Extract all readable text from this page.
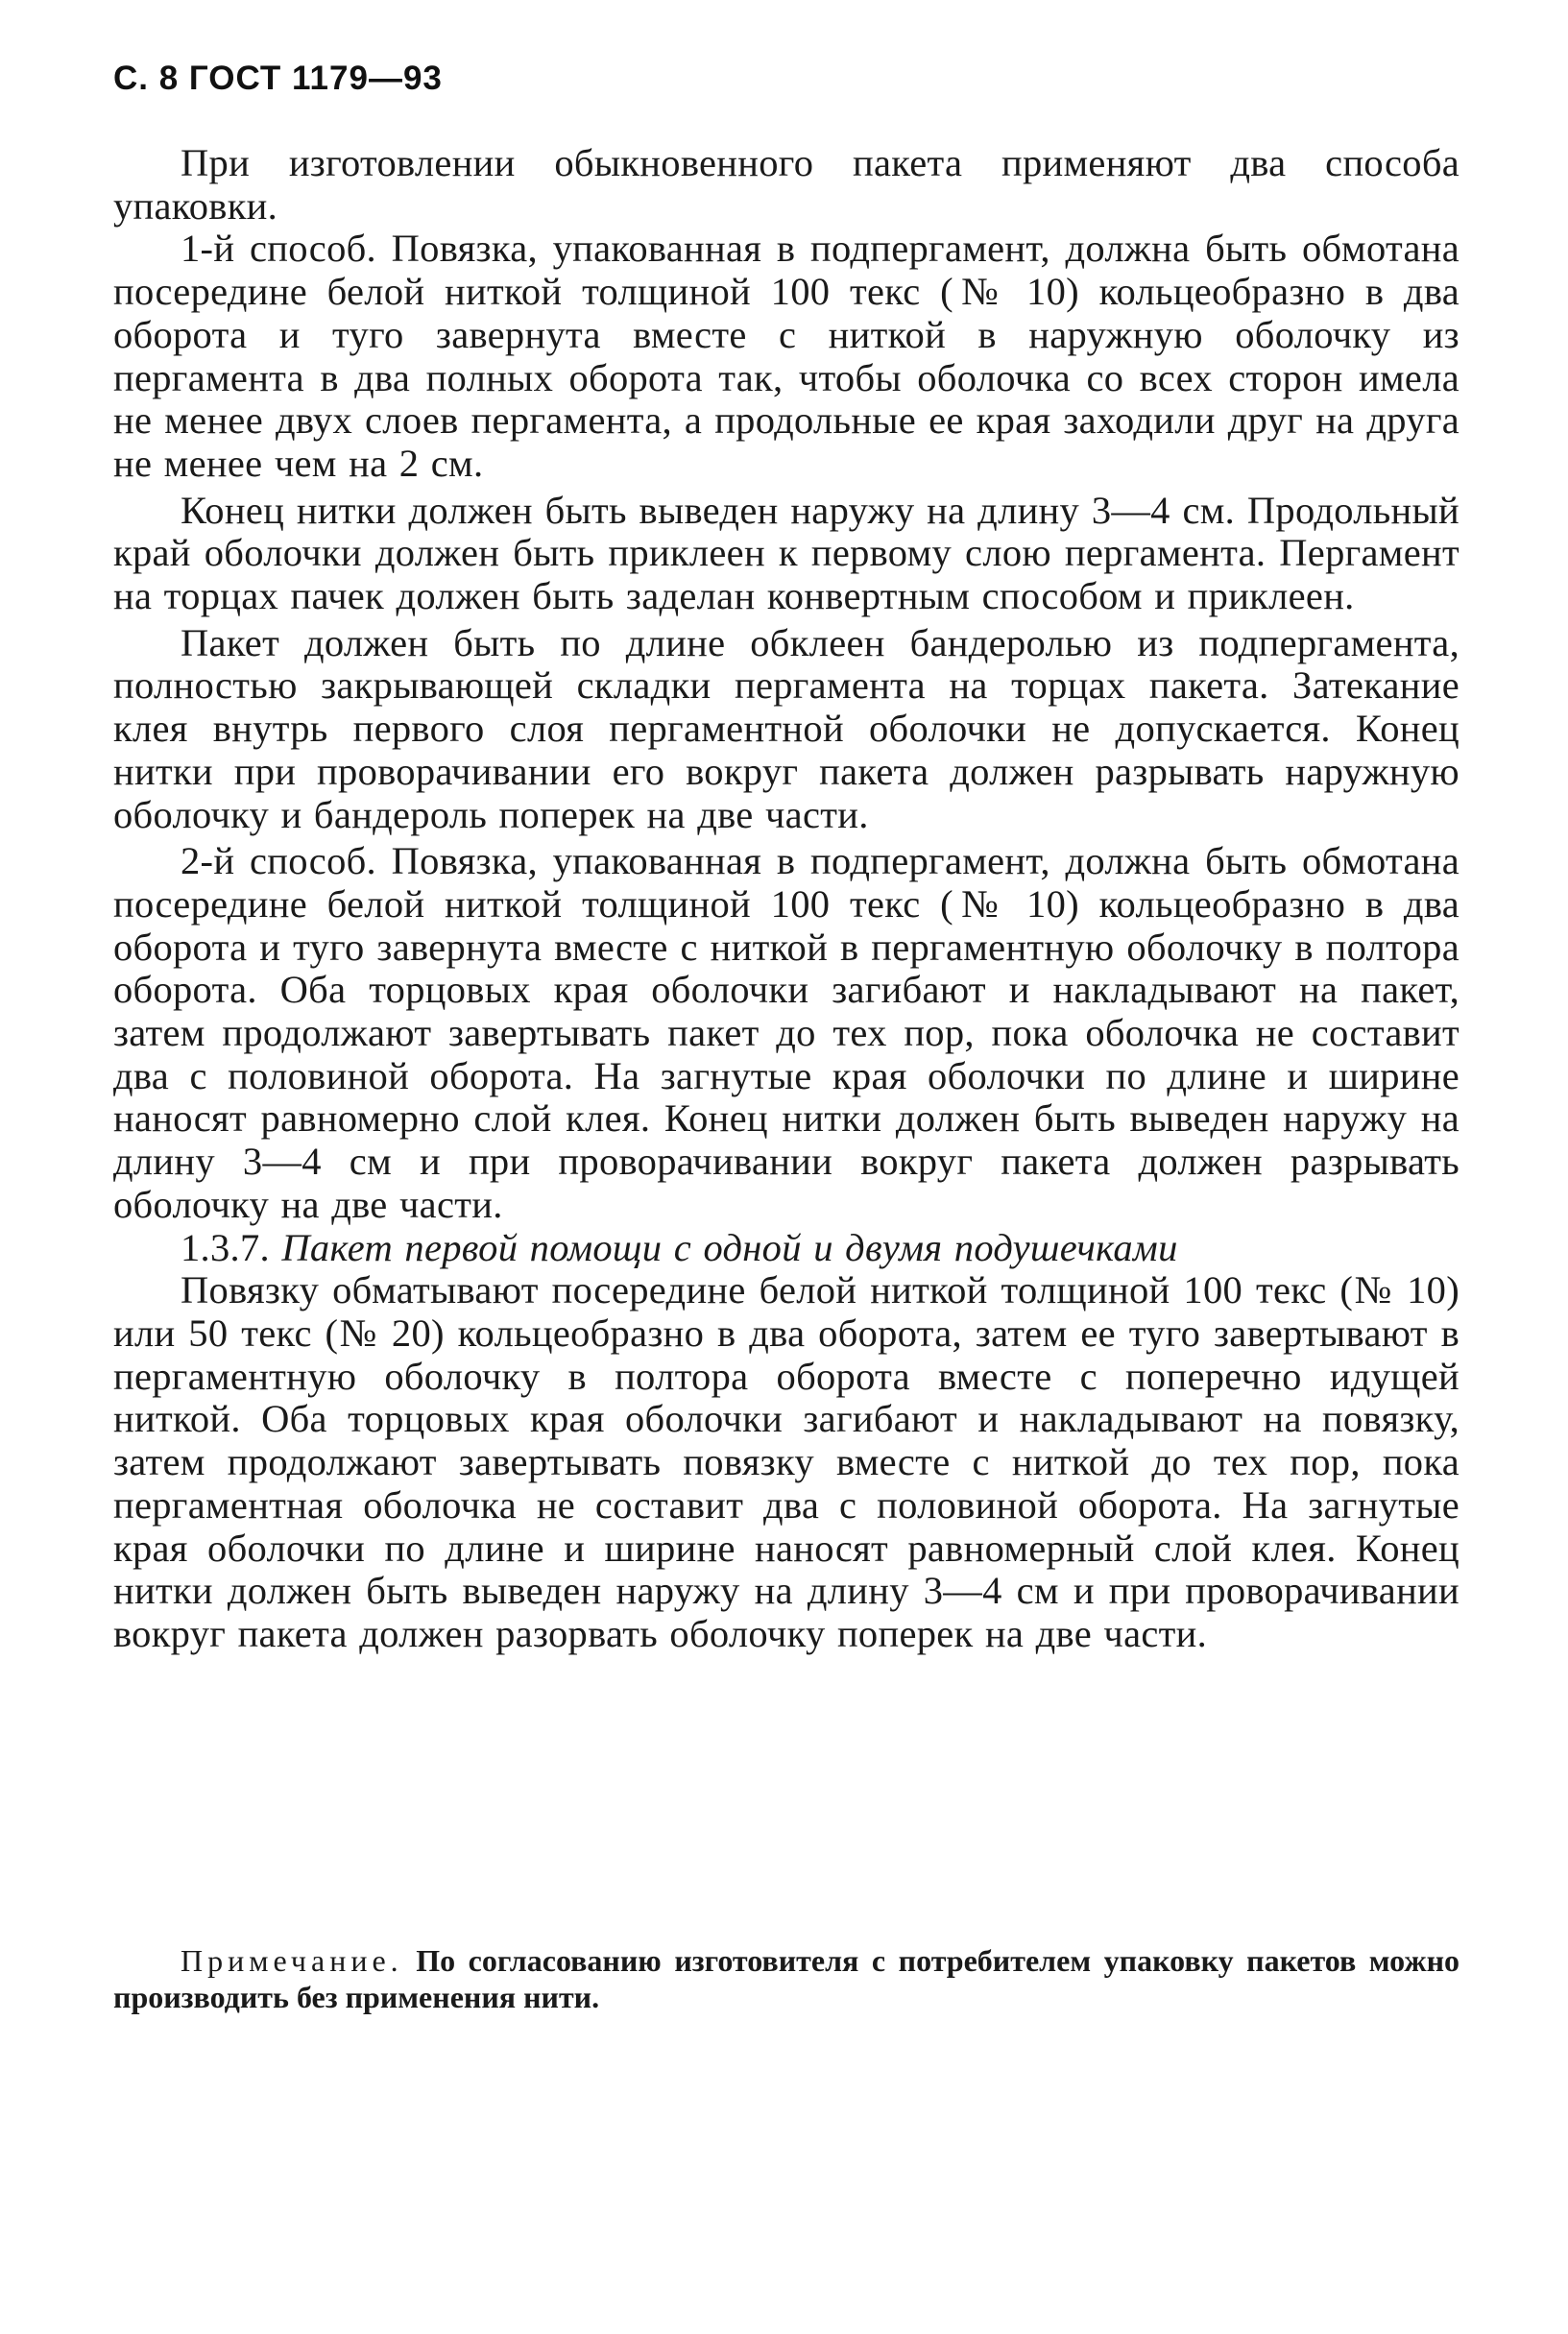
С. 8 ГОСТ 1179—93

При изготовлении обыкновенного пакета применяют два способа упаковки.

1-й способ. Повязка, упакованная в подпергамент, должна быть обмотана посередине белой ниткой толщиной 100 текс (№ 10) кольцеобразно в два оборота и туго завернута вместе с ниткой в наружную оболочку из пергамента в два полных оборота так, чтобы оболочка со всех сторон имела не менее двух слоев пергамента, а продольные ее края заходили друг на друга не менее чем на 2 см.

Конец нитки должен быть выведен наружу на длину 3—4 см. Продольный край оболочки должен быть приклеен к первому слою пергамента. Пергамент на торцах пачек должен быть заделан конвертным способом и приклеен.

Пакет должен быть по длине обклеен бандеролью из подпергамента, полностью закрывающей складки пергамента на торцах пакета. Затекание клея внутрь первого слоя пергаментной оболочки не допускается. Конец нитки при проворачивании его вокруг пакета должен разрывать наружную оболочку и бандероль поперек на две части.

2-й способ. Повязка, упакованная в подпергамент, должна быть обмотана посередине белой ниткой толщиной 100 текс (№ 10) кольцеобразно в два оборота и туго завернута вместе с ниткой в пергаментную оболочку в полтора оборота. Оба торцовых края оболочки загибают и накладывают на пакет, затем продолжают завертывать пакет до тех пор, пока оболочка не составит два с половиной оборота. На загнутые края оболочки по длине и ширине наносят равномерно слой клея. Конец нитки должен быть выведен наружу на длину 3—4 см и при проворачивании вокруг пакета должен разрывать оболочку на две части.

1.3.7. Пакет первой помощи с одной и двумя подушечками

Повязку обматывают посередине белой ниткой толщиной 100 текс (№ 10) или 50 текс (№ 20) кольцеобразно в два оборота, затем ее туго завертывают в пергаментную оболочку в полтора оборота вместе с поперечно идущей ниткой. Оба торцовых края оболочки загибают и накладывают на повязку, затем продолжают завертывать повязку вместе с ниткой до тех пор, пока пергаментная оболочка не составит два с половиной оборота. На загнутые края оболочки по длине и ширине наносят равномерный слой клея. Конец нитки должен быть выведен наружу на длину 3—4 см и при проворачивании вокруг пакета должен разорвать оболочку поперек на две части.

Примечание. По согласованию изготовителя с потребителем упаковку пакетов можно производить без применения нити.
